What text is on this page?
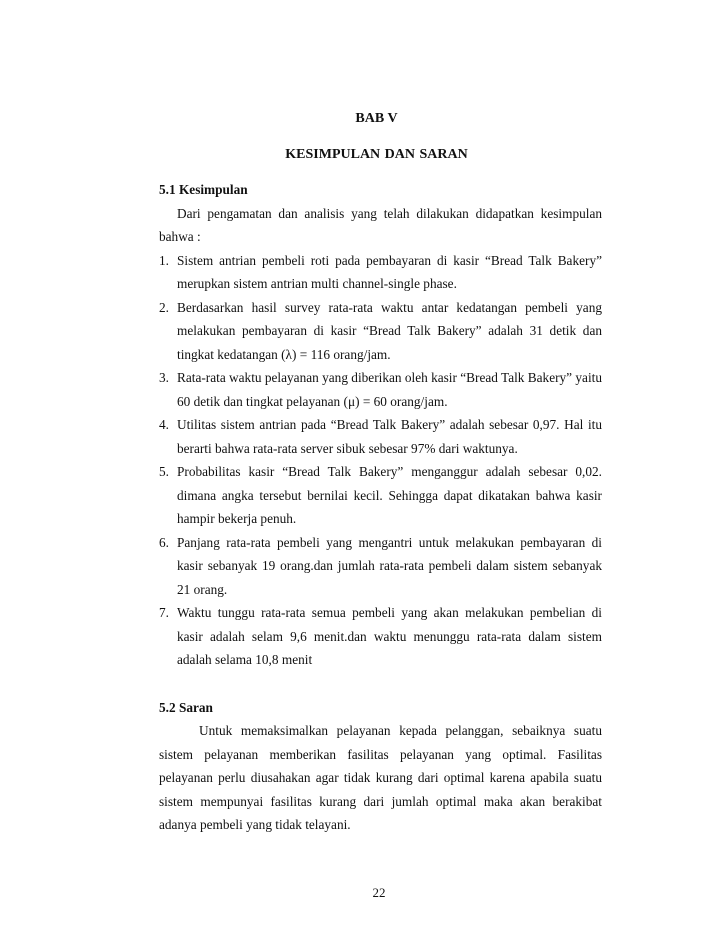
BAB V
KESIMPULAN DAN SARAN

5.1 Kesimpulan

Dari pengamatan dan analisis yang telah dilakukan didapatkan kesimpulan bahwa :

1. Sistem antrian pembeli roti pada pembayaran di kasir “Bread Talk Bakery” merupkan sistem antrian multi channel-single phase.
2. Berdasarkan hasil survey rata-rata waktu antar kedatangan pembeli yang melakukan pembayaran di kasir “Bread Talk Bakery” adalah 31 detik dan tingkat kedatangan (λ) = 116 orang/jam.
3. Rata-rata waktu pelayanan yang diberikan oleh kasir “Bread Talk Bakery” yaitu 60 detik dan tingkat pelayanan (μ) = 60 orang/jam.
4. Utilitas sistem antrian pada “Bread Talk Bakery” adalah sebesar 0,97. Hal itu berarti bahwa rata-rata server sibuk sebesar 97% dari waktunya.
5. Probabilitas kasir “Bread Talk Bakery” menganggur adalah sebesar 0,02. dimana angka tersebut bernilai kecil. Sehingga dapat dikatakan bahwa kasir hampir bekerja penuh.
6. Panjang rata-rata pembeli yang mengantri untuk melakukan pembayaran di kasir sebanyak 19 orang.dan jumlah rata-rata pembeli dalam sistem sebanyak 21 orang.
7. Waktu tunggu rata-rata semua pembeli yang akan melakukan pembelian di kasir adalah selam 9,6 menit.dan waktu menunggu rata-rata dalam sistem adalah selama 10,8 menit

5.2 Saran

Untuk memaksimalkan pelayanan kepada pelanggan, sebaiknya suatu sistem pelayanan memberikan fasilitas pelayanan yang optimal. Fasilitas pelayanan perlu diusahakan agar tidak kurang dari optimal karena apabila suatu sistem mempunyai fasilitas kurang dari jumlah optimal maka akan berakibat adanya pembeli yang tidak telayani.

22
